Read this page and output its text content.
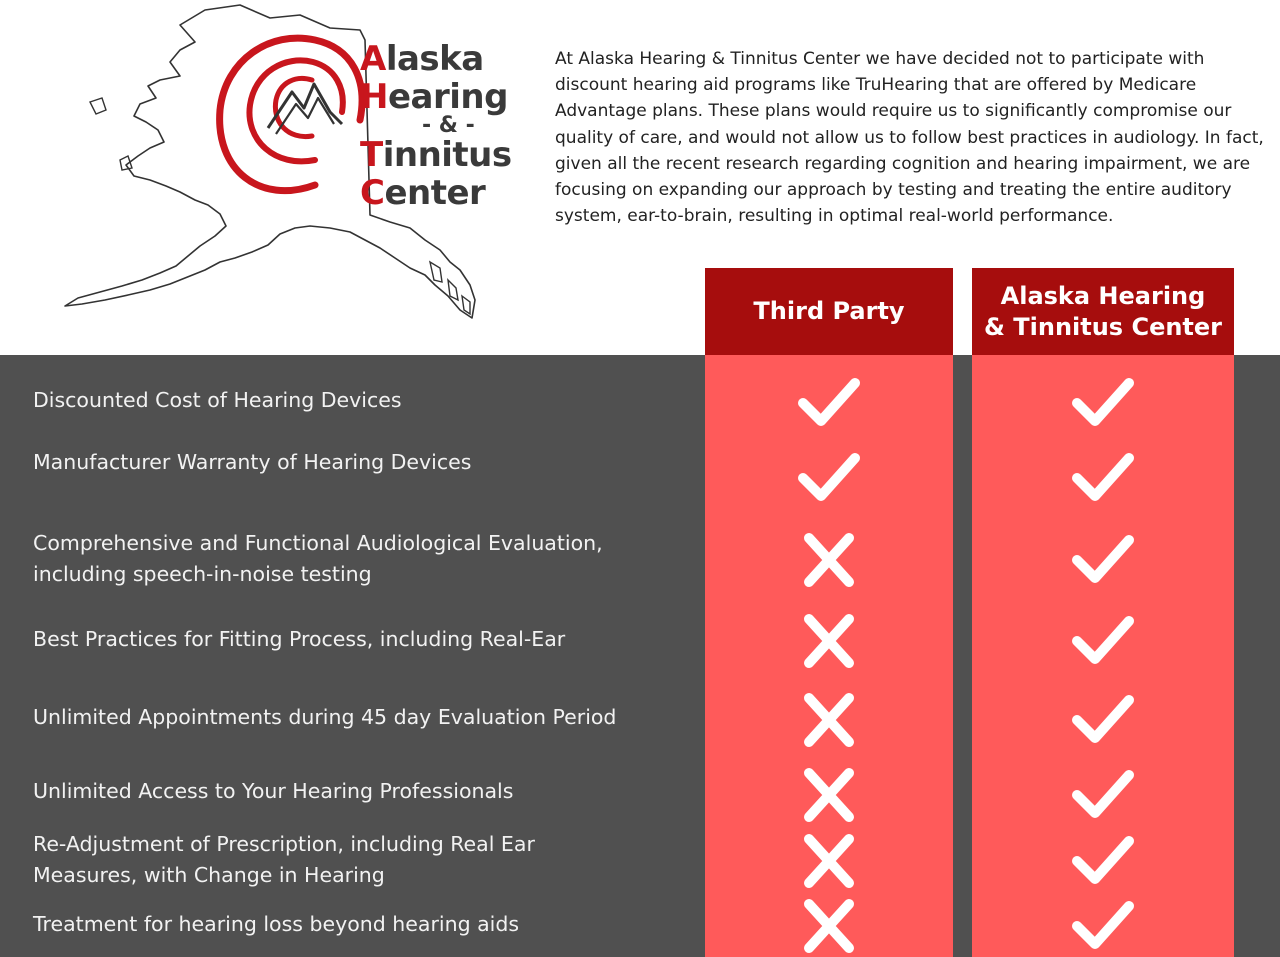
Alaska
Hearing
- & -
Tinnitus
Center
At Alaska Hearing & Tinnitus Center we have decided not to participate with discount hearing aid programs like TruHearing that are offered by Medicare Advantage plans. These plans would require us to significantly compromise our quality of care, and would not allow us to follow best practices in audiology. In fact, given all the recent research regarding cognition and hearing impairment, we are focusing on expanding our approach by testing and treating the entire auditory system, ear-to-brain, resulting in optimal real-world performance.
Third Party
Alaska Hearing
& Tinnitus Center
Discounted Cost of Hearing Devices
Manufacturer Warranty of Hearing Devices
Comprehensive and Functional Audiological Evaluation,
including speech-in-noise testing
Best Practices for Fitting Process, including Real-Ear
Unlimited Appointments during 45 day Evaluation Period
Unlimited Access to Your Hearing Professionals
Re-Adjustment of Prescription, including Real Ear
Measures, with Change in Hearing
Treatment for hearing loss beyond hearing aids
